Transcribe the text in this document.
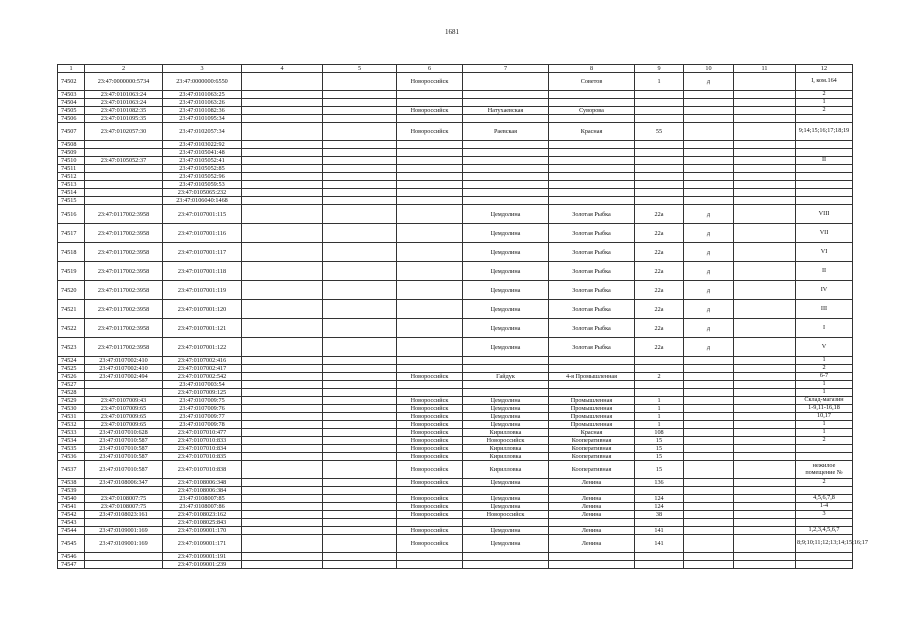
1681
1	2	3	4	5	6	7	8	9	10	11	12
74502	23:47:0000000:5734	23:47:0000000:6550			Новороссийск		Советов	1	д		I, ком.164
74503	23:47:0101063:24	23:47:0101063:25									2
74504	23:47:0101063:24	23:47:0101063:26									1
74505	23:47:0101082:35	23:47:0101082:36			Новороссийск	Натухаевская	Суворова				2
74506	23:47:0101095:35	23:47:0101095:34									
74507	23:47:0102057:30	23:47:0102057:34			Новороссийск	Раевская	Красная	55			9;14;15;16;17;18;19
74508		23:47:0103022:92									
74509		23:47:0105041:48									
74510	23:47:0105052:37	23:47:0105052:41									II
74511		23:47:0105052:85									
74512		23:47:0105052:96									
74513		23:47:0105059:53									
74514		23:47:0105065:232									
74515		23:47:0106040:1468									
74516	23:47:0117002:3958	23:47:0107001:115				Цемдолина	Золотая Рыбка	22а	д		VIII
74517	23:47:0117002:3958	23:47:0107001:116				Цемдолина	Золотая Рыбка	22а	д		VII
74518	23:47:0117002:3958	23:47:0107001:117				Цемдолина	Золотая Рыбка	22а	д		VI
74519	23:47:0117002:3958	23:47:0107001:118				Цемдолина	Золотая Рыбка	22а	д		II
74520	23:47:0117002:3958	23:47:0107001:119				Цемдолина	Золотая Рыбка	22а	д		IV
74521	23:47:0117002:3958	23:47:0107001:120				Цемдолина	Золотая Рыбка	22а	д		III
74522	23:47:0117002:3958	23:47:0107001:121				Цемдолина	Золотая Рыбка	22а	д		I
74523	23:47:0117002:3958	23:47:0107001:122				Цемдолина	Золотая Рыбка	22а	д		V
74524	23:47:0107002:410	23:47:0107002:416									1
74525	23:47:0107002:410	23:47:0107002:417									2
74526	23:47:0107002:494	23:47:0107002:542			Новороссийск	Гайдук	4-я Промышленная	2			6-7
74527		23:47:0107003:54									1
74528		23:47:0107009:125									1
74529	23:47:0107009:43	23:47:0107009:75			Новороссийск	Цемдолина	Промышленная	1			Склад-магазин
74530	23:47:0107009:65	23:47:0107009:76			Новороссийск	Цемдолина	Промышленная	1			1-9,11-16,18
74531	23:47:0107009:65	23:47:0107009:77			Новороссийск	Цемдолина	Промышленная	1			10,17
74532	23:47:0107009:65	23:47:0107009:78			Новороссийск	Цемдолина	Промышленная	1			1
74533	23:47:0107010:628	23:47:0107010:477			Новороссийск	Кирилловка	Красная	108			1
74534	23:47:0107010:587	23:47:0107010:833			Новороссийск	Новороссийск	Кооперативная	15			2
74535	23:47:0107010:587	23:47:0107010:834			Новороссийск	Кирилловка	Кооперативная	15			
74536	23:47:0107010:587	23:47:0107010:835			Новороссийск	Кирилловка	Кооперативная	15			
74537	23:47:0107010:587	23:47:0107010:838			Новороссийск	Кирилловка	Кооперативная	15			нежилое помещение №
74538	23:47:0108006:347	23:47:0108006:348			Новороссийск	Цемдолина	Ленина	136			2
74539		23:47:0108006:384									
74540	23:47:0108007:75	23:47:0108007:85			Новороссийск	Цемдолина	Ленина	124			4,5,6,7,8
74541	23:47:0108007:75	23:47:0108007:86			Новороссийск	Цемдолина	Ленина	124			1-4
74542	23:47:0108023:161	23:47:0108023:162			Новороссийск	Новороссийск	Ленина	38			3
74543		23:47:0108025:843									
74544	23:47:0109001:169	23:47:0109001:170			Новороссийск	Цемдолина	Ленина	141			1,2,3,4,5,6,7
74545	23:47:0109001:169	23:47:0109001:171			Новороссийск	Цемдолина	Ленина	141			8;9;10;11;12;13;14;15;16;17
74546		23:47:0109001:191									
74547		23:47:0109001:239									
